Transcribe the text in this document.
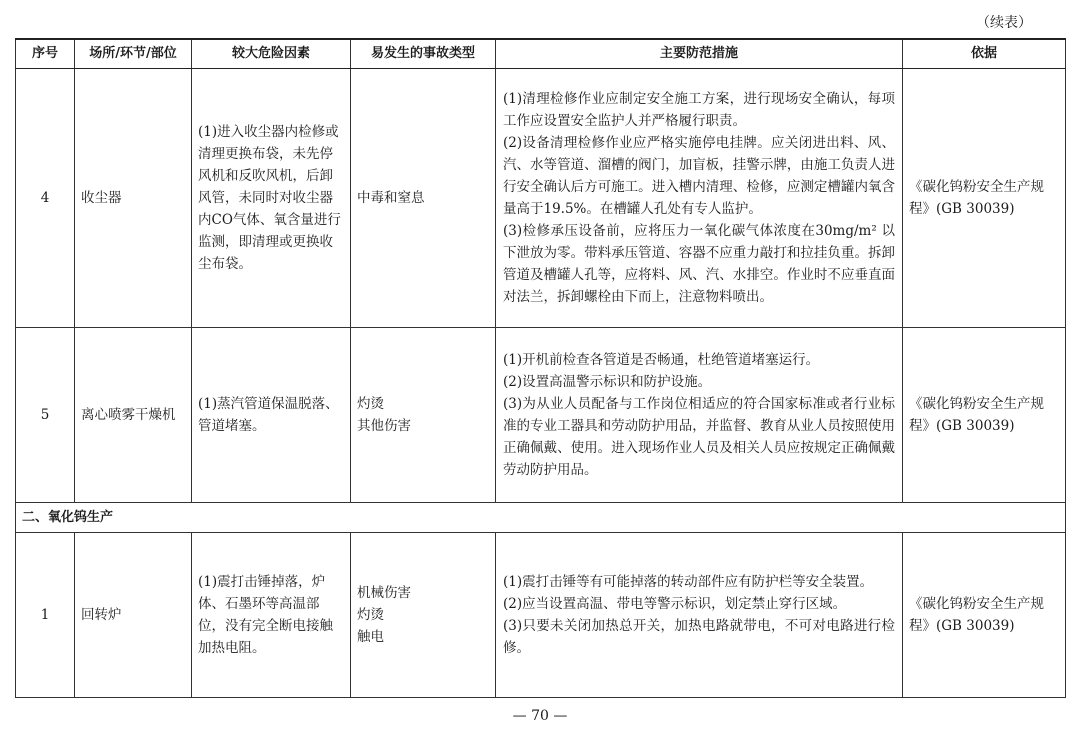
（续表）
序号	场所/环节/部位	较大危险因素	易发生的事故类型	主要防范措施	依据
4	收尘器	(1)进入收尘器内检修或清理更换布袋，未先停风机和反吹风机，后卸风管，未同时对收尘器内CO气体、氧含量进行监测，即清理或更换收尘布袋。	中毒和窒息	(1)清理检修作业应制定安全施工方案，进行现场安全确认，每项工作应设置安全监护人并严格履行职责。
(2)设备清理检修作业应严格实施停电挂牌。应关闭进出料、风、汽、水等管道、溜槽的阀门，加盲板，挂警示牌，由施工负责人进行安全确认后方可施工。进入槽内清理、检修，应测定槽罐内氧含量高于19.5%。在槽罐人孔处有专人监护。
(3)检修承压设备前，应将压力一氧化碳气体浓度在30mg/m² 以下泄放为零。带料承压管道、容器不应重力敲打和拉挂负重。拆卸管道及槽罐人孔等，应将料、风、汽、水排空。作业时不应垂直面对法兰，拆卸螺栓由下而上，注意物料喷出。	《碳化钨粉安全生产规程》(GB 30039)
5	离心喷雾干燥机	(1)蒸汽管道保温脱落、管道堵塞。	灼烫
其他伤害	(1)开机前检查各管道是否畅通，杜绝管道堵塞运行。
(2)设置高温警示标识和防护设施。
(3)为从业人员配备与工作岗位相适应的符合国家标准或者行业标准的专业工器具和劳动防护用品，并监督、教育从业人员按照使用正确佩戴、使用。进入现场作业人员及相关人员应按规定正确佩戴劳动防护用品。	《碳化钨粉安全生产规程》(GB 30039)
二、氧化钨生产					
1	回转炉	(1)震打击锤掉落，炉体、石墨环等高温部位，没有完全断电接触加热电阻。	机械伤害
灼烫
触电	(1)震打击锤等有可能掉落的转动部件应有防护栏等安全装置。
(2)应当设置高温、带电等警示标识，划定禁止穿行区域。
(3)只要未关闭加热总开关，加热电路就带电，不可对电路进行检修。	《碳化钨粉安全生产规程》(GB 30039)
— 70 —
